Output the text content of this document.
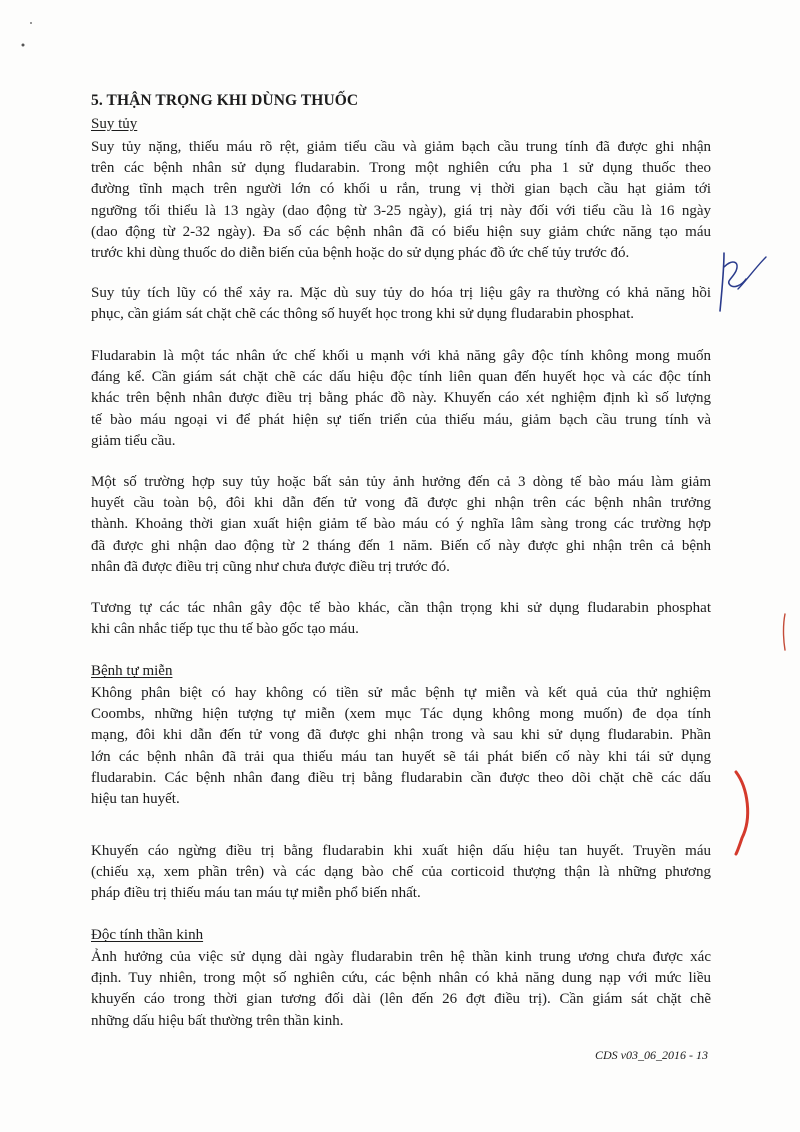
5. THẬN TRỌNG KHI DÙNG THUỐC
Suy tủy
Suy tủy nặng, thiếu máu rõ rệt, giảm tiểu cầu và giảm bạch cầu trung tính đã được ghi nhận
trên các bệnh nhân sử dụng fludarabin. Trong một nghiên cứu pha 1 sử dụng thuốc theo
đường tĩnh mạch trên người lớn có khối u rắn, trung vị thời gian bạch cầu hạt giảm tới
ngưỡng tối thiểu là 13 ngày (dao động từ 3-25 ngày), giá trị này đối với tiểu cầu là 16 ngày
(dao động từ 2-32 ngày). Đa số các bệnh nhân đã có biểu hiện suy giảm chức năng tạo máu
trước khi dùng thuốc do diễn biến của bệnh hoặc do sử dụng phác đồ ức chế tủy trước đó.
Suy tủy tích lũy có thể xảy ra. Mặc dù suy tủy do hóa trị liệu gây ra thường có khả năng hồi
phục, cần giám sát chặt chẽ các thông số huyết học trong khi sử dụng fludarabin phosphat.
Fludarabin là một tác nhân ức chế khối u mạnh với khả năng gây độc tính không mong muốn
đáng kể. Cần giám sát chặt chẽ các dấu hiệu độc tính liên quan đến huyết học và các độc tính
khác trên bệnh nhân được điều trị bằng phác đồ này. Khuyến cáo xét nghiệm định kì số lượng
tế bào máu ngoại vi để phát hiện sự tiến triển của thiếu máu, giảm bạch cầu trung tính và
giảm tiểu cầu.
Một số trường hợp suy tủy hoặc bất sản tủy ảnh hưởng đến cả 3 dòng tế bào máu làm giảm
huyết cầu toàn bộ, đôi khi dẫn đến tử vong đã được ghi nhận trên các bệnh nhân trưởng
thành. Khoảng thời gian xuất hiện giảm tế bào máu có ý nghĩa lâm sàng trong các trường hợp
đã được ghi nhận dao động từ 2 tháng đến 1 năm. Biến cố này được ghi nhận trên cả bệnh
nhân đã được điều trị cũng như chưa được điều trị trước đó.
Tương tự các tác nhân gây độc tế bào khác, cần thận trọng khi sử dụng fludarabin phosphat
khi cân nhắc tiếp tục thu tế bào gốc tạo máu.
Bệnh tự miễn
Không phân biệt có hay không có tiền sử mắc bệnh tự miễn và kết quả của thử nghiệm
Coombs, những hiện tượng tự miễn (xem mục Tác dụng không mong muốn) đe dọa tính
mạng, đôi khi dẫn đến tử vong đã được ghi nhận trong và sau khi sử dụng fludarabin. Phần
lớn các bệnh nhân đã trải qua thiếu máu tan huyết sẽ tái phát biến cố này khi tái sử dụng
fludarabin. Các bệnh nhân đang điều trị bằng fludarabin cần được theo dõi chặt chẽ các dấu
hiệu tan huyết.
Khuyến cáo ngừng điều trị bằng fludarabin khi xuất hiện dấu hiệu tan huyết. Truyền máu
(chiếu xạ, xem phần trên) và các dạng bào chế của corticoid thượng thận là những phương
pháp điều trị thiếu máu tan máu tự miễn phổ biến nhất.
Độc tính thần kinh
Ảnh hưởng của việc sử dụng dài ngày fludarabin trên hệ thần kinh trung ương chưa được xác
định. Tuy nhiên, trong một số nghiên cứu, các bệnh nhân có khả năng dung nạp với mức liều
khuyến cáo trong thời gian tương đối dài (lên đến 26 đợt điều trị). Cần giám sát chặt chẽ
những dấu hiệu bất thường trên thần kinh.
CDS v03_06_2016 - 13
